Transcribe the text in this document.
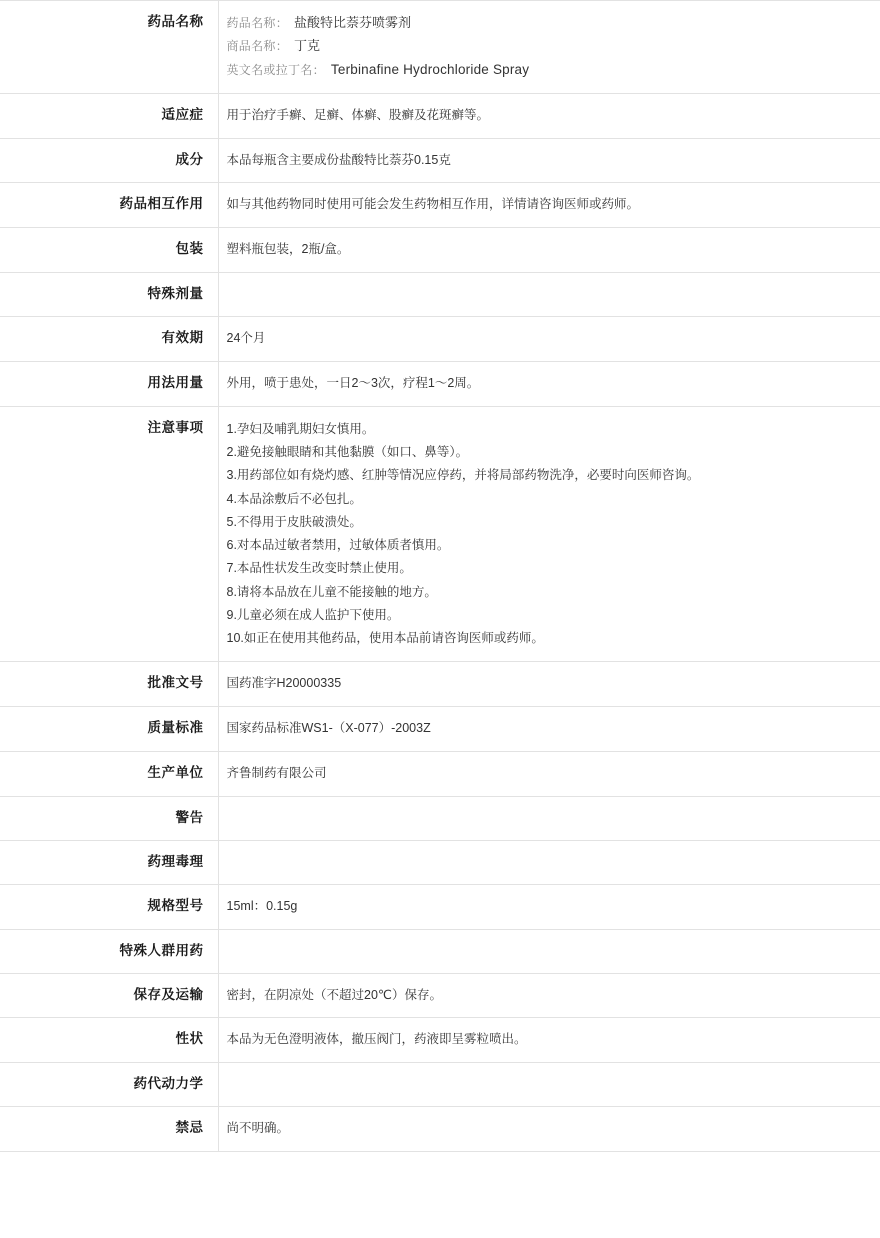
药品名称	药品名称： 盐酸特比萘芬喷雾剂
商品名称： 丁克
英文名或拉丁名： Terbinafine Hydrochloride Spray

适应症	用于治疗手癣、足癣、体癣、股癣及花斑癣等。
成分	本品每瓶含主要成份盐酸特比萘芬0.15克
药品相互作用	如与其他药物同时使用可能会发生药物相互作用，详情请咨询医师或药师。
包装	塑料瓶包装，2瓶/盒。
特殊剂量	

有效期	24个月
用法用量	外用，喷于患处，一日2～3次，疗程1～2周。
注意事项	1.孕妇及哺乳期妇女慎用。
2.避免接触眼睛和其他黏膜（如口、鼻等）。
3.用药部位如有烧灼感、红肿等情况应停药，并将局部药物洗净，必要时向医师咨询。
4.本品涂敷后不必包扎。
5.不得用于皮肤破溃处。
6.对本品过敏者禁用，过敏体质者慎用。
7.本品性状发生改变时禁止使用。
8.请将本品放在儿童不能接触的地方。
9.儿童必须在成人监护下使用。
10.如正在使用其他药品，使用本品前请咨询医师或药师。

批准文号	国药准字H20000335
质量标准	国家药品标准WS1-（X-077）-2003Z
生产单位	齐鲁制药有限公司
警告	

药理毒理	

规格型号	15ml：0.15g
特殊人群用药	

保存及运输	密封，在阴凉处（不超过20℃）保存。
性状	本品为无色澄明液体，撤压阀门，药液即呈雾粒喷出。
药代动力学	

禁忌	尚不明确。
